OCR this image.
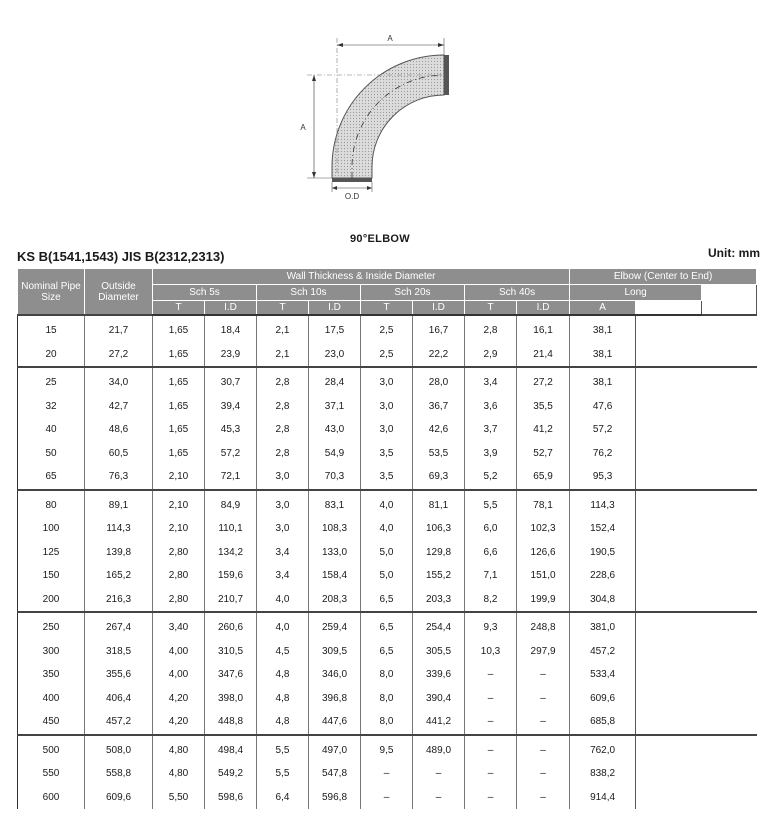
A
A
O.D
90°ELBOW
KS B(1541,1543) JIS B(2312,2313)	Unit: mm
Nominal Pipe Size	Outside Diameter	Wall Thickness & Inside Diameter								Elbow (Center to End)		
		Sch 5s		Sch 10s		Sch 20s		Sch 40s		Long		
		T	I.D	T	I.D	T	I.D	T	I.D	A		
15	21,7	1,65	18,4	2,1	17,5	2,5	16,7	2,8	16,1	38,1		
20	27,2	1,65	23,9	2,1	23,0	2,5	22,2	2,9	21,4	38,1		
25	34,0	1,65	30,7	2,8	28,4	3,0	28,0	3,4	27,2	38,1		
32	42,7	1,65	39,4	2,8	37,1	3,0	36,7	3,6	35,5	47,6		
40	48,6	1,65	45,3	2,8	43,0	3,0	42,6	3,7	41,2	57,2		
50	60,5	1,65	57,2	2,8	54,9	3,5	53,5	3,9	52,7	76,2		
65	76,3	2,10	72,1	3,0	70,3	3,5	69,3	5,2	65,9	95,3		
80	89,1	2,10	84,9	3,0	83,1	4,0	81,1	5,5	78,1	114,3		
100	114,3	2,10	110,1	3,0	108,3	4,0	106,3	6,0	102,3	152,4		
125	139,8	2,80	134,2	3,4	133,0	5,0	129,8	6,6	126,6	190,5		
150	165,2	2,80	159,6	3,4	158,4	5,0	155,2	7,1	151,0	228,6		
200	216,3	2,80	210,7	4,0	208,3	6,5	203,3	8,2	199,9	304,8		
250	267,4	3,40	260,6	4,0	259,4	6,5	254,4	9,3	248,8	381,0		
300	318,5	4,00	310,5	4,5	309,5	6,5	305,5	10,3	297,9	457,2		
350	355,6	4,00	347,6	4,8	346,0	8,0	339,6	–	–	533,4		
400	406,4	4,20	398,0	4,8	396,8	8,0	390,4	–	–	609,6		
450	457,2	4,20	448,8	4,8	447,6	8,0	441,2	–	–	685,8		
500	508,0	4,80	498,4	5,5	497,0	9,5	489,0	–	–	762,0		
550	558,8	4,80	549,2	5,5	547,8	–	–	–	–	838,2		
600	609,6	5,50	598,6	6,4	596,8	–	–	–	–	914,4		
